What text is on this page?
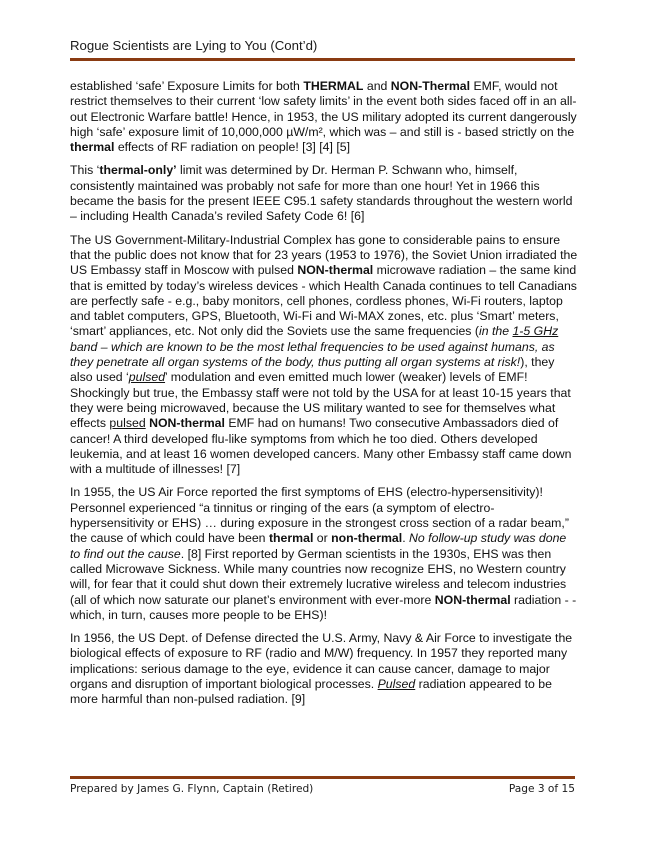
Rogue Scientists are Lying to You (Cont’d)

established ‘safe’ Exposure Limits for both THERMAL and NON-Thermal EMF, would not restrict themselves to their current ‘low safety limits’ in the event both sides faced off in an all-out Electronic Warfare battle! Hence, in 1953, the US military adopted its current dangerously high ‘safe’ exposure limit of 10,000,000 µW/m², which was – and still is - based strictly on the thermal effects of RF radiation on people! [3] [4] [5]

This ‘thermal-only’ limit was determined by Dr. Herman P. Schwann who, himself, consistently maintained was probably not safe for more than one hour! Yet in 1966 this became the basis for the present IEEE C95.1 safety standards throughout the western world – including Health Canada’s reviled Safety Code 6! [6]

The US Government-Military-Industrial Complex has gone to considerable pains to ensure that the public does not know that for 23 years (1953 to 1976), the Soviet Union irradiated the US Embassy staff in Moscow with pulsed NON-thermal microwave radiation – the same kind that is emitted by today’s wireless devices - which Health Canada continues to tell Canadians are perfectly safe - e.g., baby monitors, cell phones, cordless phones, Wi-Fi routers, laptop and tablet computers, GPS, Bluetooth, Wi-Fi and Wi-MAX zones, etc. plus ‘Smart’ meters, ‘smart’ appliances, etc. Not only did the Soviets use the same frequencies (in the 1-5 GHz band – which are known to be the most lethal frequencies to be used against humans, as they penetrate all organ systems of the body, thus putting all organ systems at risk!), they also used ‘pulsed’ modulation and even emitted much lower (weaker) levels of EMF! Shockingly but true, the Embassy staff were not told by the USA for at least 10-15 years that they were being microwaved, because the US military wanted to see for themselves what effects pulsed NON-thermal EMF had on humans! Two consecutive Ambassadors died of cancer! A third developed flu-like symptoms from which he too died. Others developed leukemia, and at least 16 women developed cancers. Many other Embassy staff came down with a multitude of illnesses! [7]

In 1955, the US Air Force reported the first symptoms of EHS (electro-hypersensitivity)! Personnel experienced “a tinnitus or ringing of the ears (a symptom of electro-hypersensitivity or EHS) … during exposure in the strongest cross section of a radar beam,” the cause of which could have been thermal or non-thermal. No follow-up study was done to find out the cause. [8] First reported by German scientists in the 1930s, EHS was then called Microwave Sickness. While many countries now recognize EHS, no Western country will, for fear that it could shut down their extremely lucrative wireless and telecom industries (all of which now saturate our planet’s environment with ever-more NON-thermal radiation - - which, in turn, causes more people to be EHS)!

In 1956, the US Dept. of Defense directed the U.S. Army, Navy & Air Force to investigate the biological effects of exposure to RF (radio and M/W) frequency. In 1957 they reported many implications: serious damage to the eye, evidence it can cause cancer, damage to major organs and disruption of important biological processes. Pulsed radiation appeared to be more harmful than non-pulsed radiation. [9]

Prepared by James G. Flynn, Captain (Retired)	Page 3 of 15
